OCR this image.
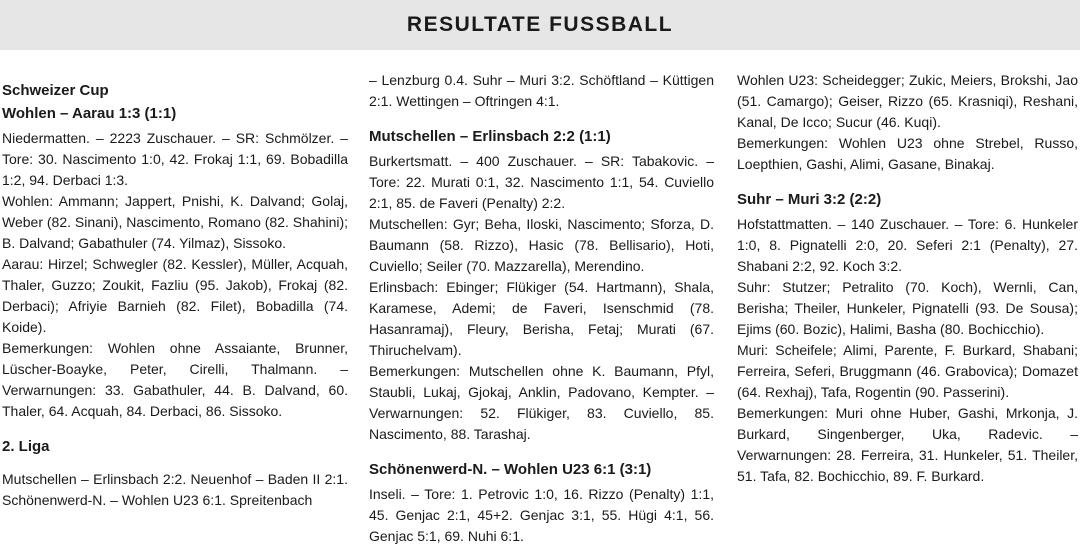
RESULTATE FUSSBALL
Schweizer Cup
Wohlen – Aarau 1:3 (1:1)

Niedermatten. – 2223 Zuschauer. – SR: Schmölzer. – Tore: 30. Nascimento 1:0, 42. Frokaj 1:1, 69. Bobadilla 1:2, 94. Derbaci 1:3.

Wohlen: Ammann; Jappert, Pnishi, K. Dalvand; Golaj, Weber (82. Sinani), Nascimento, Romano (82. Shahini); B. Dalvand; Gabathuler (74. Yilmaz), Sissoko.

Aarau: Hirzel; Schwegler (82. Kessler), Müller, Acquah, Thaler, Guzzo; Zoukit, Fazliu (95. Jakob), Frokaj (82. Derbaci); Afriyie Barnieh (82. Filet), Bobadilla (74. Koide).

Bemerkungen: Wohlen ohne Assaiante, Brunner, Lüscher-Boayke, Peter, Cirelli, Thalmann. – Verwarnungen: 33. Gabathuler, 44. B. Dalvand, 60. Thaler, 64. Acquah, 84. Derbaci, 86. Sissoko.

2. Liga

Mutschellen – Erlinsbach 2:2. Neuenhof – Baden II 2:1. Schönenwerd-N. – Wohlen U23 6:1. Spreitenbach

– Lenzburg 0.4. Suhr – Muri 3:2. Schöftland – Küttigen 2:1. Wettingen – Oftringen 4:1.

Mutschellen – Erlinsbach 2:2 (1:1)

Burkertsmatt. – 400 Zuschauer. – SR: Tabakovic. – Tore: 22. Murati 0:1, 32. Nascimento 1:1, 54. Cuviello 2:1, 85. de Faveri (Penalty) 2:2.

Mutschellen: Gyr; Beha, Iloski, Nascimento; Sforza, D. Baumann (58. Rizzo), Hasic (78. Bellisario), Hoti, Cuviello; Seiler (70. Mazzarella), Merendino.

Erlinsbach: Ebinger; Flükiger (54. Hartmann), Shala, Karamese, Ademi; de Faveri, Isenschmid (78. Hasanramaj), Fleury, Berisha, Fetaj; Murati (67. Thiruchelvam).

Bemerkungen: Mutschellen ohne K. Baumann, Pfyl, Staubli, Lukaj, Gjokaj, Anklin, Padovano, Kempter. – Verwarnungen: 52. Flükiger, 83. Cuviello, 85. Nascimento, 88. Tarashaj.

Schönenwerd-N. – Wohlen U23 6:1 (3:1)

Inseli. – Tore: 1. Petrovic 1:0, 16. Rizzo (Penalty) 1:1, 45. Genjac 2:1, 45+2. Genjac 3:1, 55. Hügi 4:1, 56. Genjac 5:1, 69. Nuhi 6:1.

Wohlen U23: Scheidegger; Zukic, Meiers, Brokshi, Jao (51. Camargo); Geiser, Rizzo (65. Krasniqi), Reshani, Kanal, De Icco; Sucur (46. Kuqi).

Bemerkungen: Wohlen U23 ohne Strebel, Russo, Loepthien, Gashi, Alimi, Gasane, Binakaj.

Suhr – Muri 3:2 (2:2)

Hofstattmatten. – 140 Zuschauer. – Tore: 6. Hunkeler 1:0, 8. Pignatelli 2:0, 20. Seferi 2:1 (Penalty), 27. Shabani 2:2, 92. Koch 3:2.

Suhr: Stutzer; Petralito (70. Koch), Wernli, Can, Berisha; Theiler, Hunkeler, Pignatelli (93. De Sousa); Ejims (60. Bozic), Halimi, Basha (80. Bochicchio).

Muri: Scheifele; Alimi, Parente, F. Burkard, Shabani; Ferreira, Seferi, Bruggmann (46. Grabovica); Domazet (64. Rexhaj), Tafa, Rogentin (90. Passerini).

Bemerkungen: Muri ohne Huber, Gashi, Mrkonja, J. Burkard, Singenberger, Uka, Radevic. – Verwarnungen: 28. Ferreira, 31. Hunkeler, 51. Theiler, 51. Tafa, 82. Bochicchio, 89. F. Burkard.
